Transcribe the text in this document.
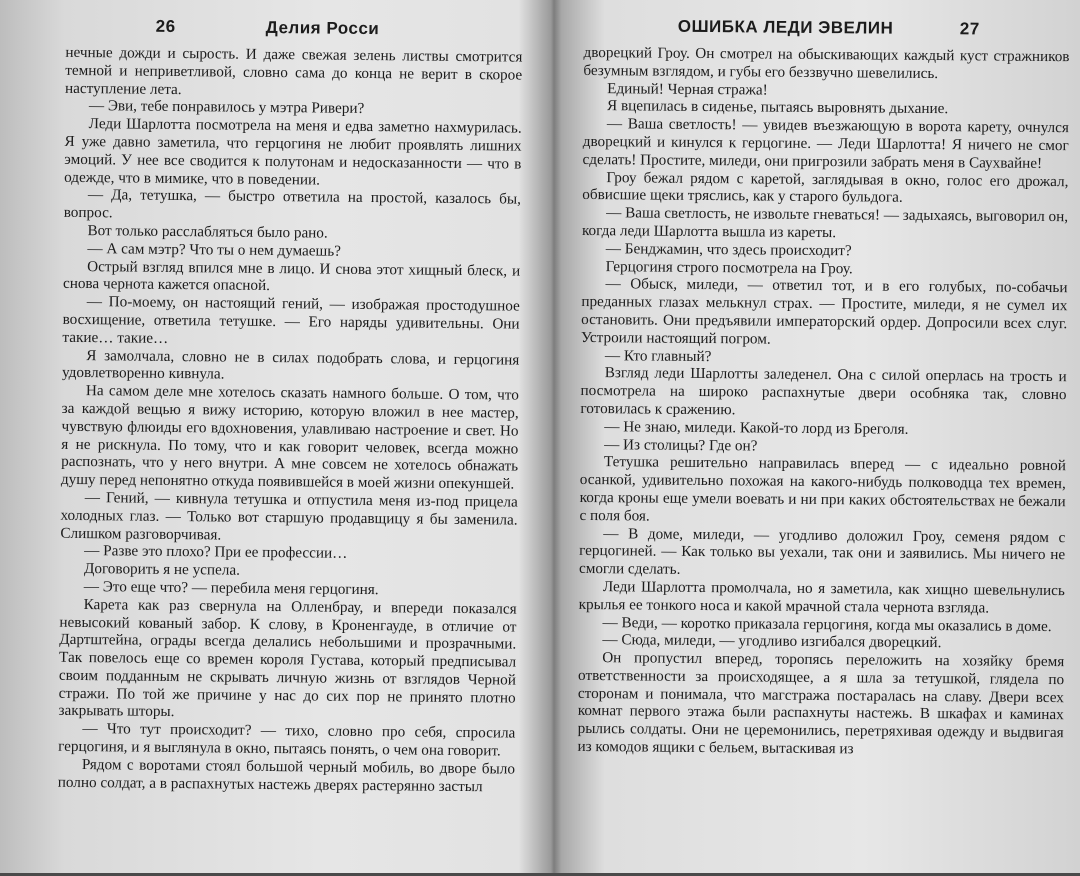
26	Делия Росси

нечные дожди и сырость. И даже свежая зелень листвы смотрится темной и неприветливой, словно сама до конца не верит в скорое наступление лета.

— Эви, тебе понравилось у мэтра Ривери?

Леди Шарлотта посмотрела на меня и едва заметно нахмурилась. Я уже давно заметила, что герцогиня не любит проявлять лишних эмоций. У нее все сводится к полутонам и недосказанности — что в одежде, что в мимике, что в поведении.

— Да, тетушка, — быстро ответила на простой, казалось бы, вопрос.

Вот только расслабляться было рано.

— А сам мэтр? Что ты о нем думаешь?

Острый взгляд впился мне в лицо. И снова этот хищный блеск, и снова чернота кажется опасной.

— По-моему, он настоящий гений, — изображая простодушное восхищение, ответила тетушке. — Его наряды удивительны. Они такие… такие…

Я замолчала, словно не в силах подобрать слова, и герцогиня удовлетворенно кивнула.

На самом деле мне хотелось сказать намного больше. О том, что за каждой вещью я вижу историю, которую вложил в нее мастер, чувствую флюиды его вдохновения, улавливаю настроение и свет. Но я не рискнула. По тому, что и как говорит человек, всегда можно распознать, что у него внутри. А мне совсем не хотелось обнажать душу перед непонятно откуда появившейся в моей жизни опекуншей.

— Гений, — кивнула тетушка и отпустила меня из-под прицела холодных глаз. — Только вот старшую продавщицу я бы заменила. Слишком разговорчивая.

— Разве это плохо? При ее профессии…

Договорить я не успела.

— Это еще что? — перебила меня герцогиня.

Карета как раз свернула на Олленбрау, и впереди показался невысокий кованый забор. К слову, в Кроненгауде, в отличие от Дартштейна, ограды всегда делались небольшими и прозрачными. Так повелось еще со времен короля Густава, который предписывал своим подданным не скрывать личную жизнь от взглядов Черной стражи. По той же причине у нас до сих пор не принято плотно закрывать шторы.

— Что тут происходит? — тихо, словно про себя, спросила герцогиня, и я выглянула в окно, пытаясь понять, о чем она говорит.

Рядом с воротами стоял большой черный мобиль, во дворе было полно солдат, а в распахнутых настежь дверях растерянно застыл

ОШИБКА ЛЕДИ ЭВЕЛИН	27

дворецкий Гроу. Он смотрел на обыскивающих каждый куст стражников безумным взглядом, и губы его беззвучно шевелились.

Единый! Черная стража!

Я вцепилась в сиденье, пытаясь выровнять дыхание.

— Ваша светлость! — увидев въезжающую в ворота карету, очнулся дворецкий и кинулся к герцогине. — Леди Шарлотта! Я ничего не смог сделать! Простите, миледи, они пригрозили забрать меня в Саухвайне!

Гроу бежал рядом с каретой, заглядывая в окно, голос его дрожал, обвисшие щеки тряслись, как у старого бульдога.

— Ваша светлость, не извольте гневаться! — задыхаясь, выговорил он, когда леди Шарлотта вышла из кареты.

— Бенджамин, что здесь происходит?

Герцогиня строго посмотрела на Гроу.

— Обыск, миледи, — ответил тот, и в его голубых, по-собачьи преданных глазах мелькнул страх. — Простите, миледи, я не сумел их остановить. Они предъявили императорский ордер. Допросили всех слуг. Устроили настоящий погром.

— Кто главный?

Взгляд леди Шарлотты заледенел. Она с силой оперлась на трость и посмотрела на широко распахнутые двери особняка так, словно готовилась к сражению.

— Не знаю, миледи. Какой-то лорд из Бреголя.

— Из столицы? Где он?

Тетушка решительно направилась вперед — с идеально ровной осанкой, удивительно похожая на какого-нибудь полководца тех времен, когда кроны еще умели воевать и ни при каких обстоятельствах не бежали с поля боя.

— В доме, миледи, — угодливо доложил Гроу, семеня рядом с герцогиней. — Как только вы уехали, так они и заявились. Мы ничего не смогли сделать.

Леди Шарлотта промолчала, но я заметила, как хищно шевельнулись крылья ее тонкого носа и какой мрачной стала чернота взгляда.

— Веди, — коротко приказала герцогиня, когда мы оказались в доме.

— Сюда, миледи, — угодливо изгибался дворецкий.

Он пропустил вперед, торопясь переложить на хозяйку бремя ответственности за происходящее, а я шла за тетушкой, глядела по сторонам и понимала, что магстража постаралась на славу. Двери всех комнат первого этажа были распахнуты настежь. В шкафах и каминах рылись солдаты. Они не церемонились, перетряхивая одежду и выдвигая из комодов ящики с бельем, вытаскивая из
